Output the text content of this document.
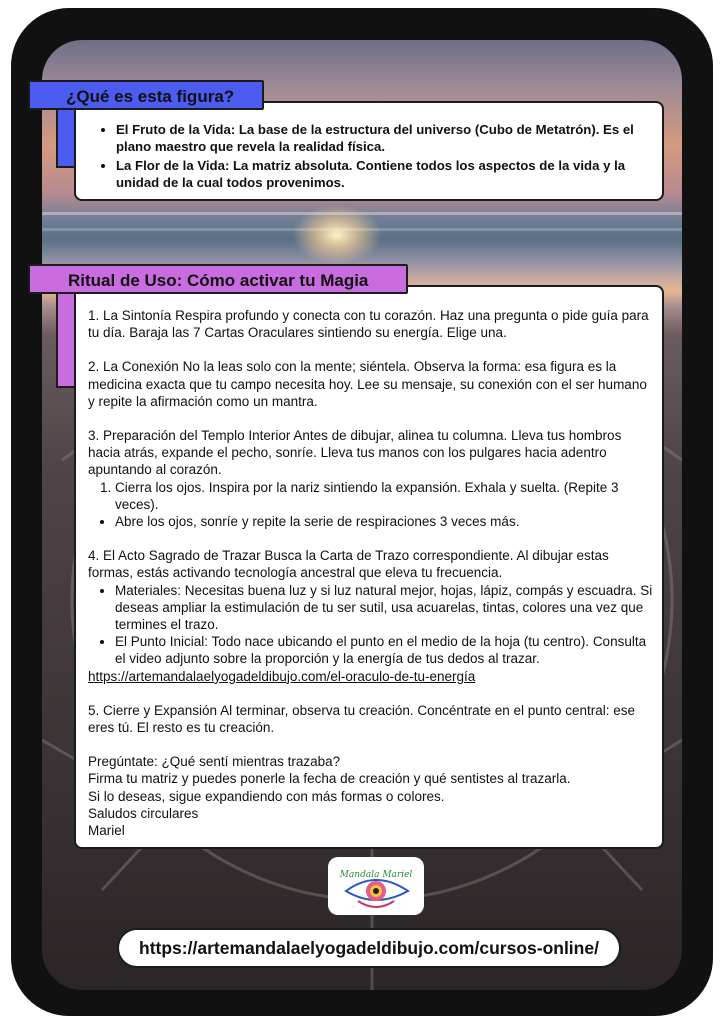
• El Fruto de la Vida: La base de la estructura del universo (Cubo de Metatrón). Es el plano maestro que revela la realidad física.
• La Flor de la Vida: La matriz absoluta. Contiene todos los aspectos de la vida y la unidad de la cual todos provenimos.
¿Qué es esta figura?

1. La Sintonía Respira profundo y conecta con tu corazón. Haz una pregunta o pide guía para tu día. Baraja las 7 Cartas Oraculares sintiendo su energía. Elige una.

2. La Conexión No la leas solo con la mente; siéntela. Observa la forma: esa figura es la medicina exacta que tu campo necesita hoy. Lee su mensaje, su conexión con el ser humano y repite la afirmación como un mantra.

3. Preparación del Templo Interior Antes de dibujar, alinea tu columna. Lleva tus hombros hacia atrás, expande el pecho, sonríe. Lleva tus manos con los pulgares hacia adentro apuntando al corazón.

1. Cierra los ojos. Inspira por la nariz sintiendo la expansión. Exhala y suelta. (Repite 3 veces).
• Abre los ojos, sonríe y repite la serie de respiraciones 3 veces más.

4. El Acto Sagrado de Trazar Busca la Carta de Trazo correspondiente. Al dibujar estas formas, estás activando tecnología ancestral que eleva tu frecuencia.

• Materiales: Necesitas buena luz y si luz natural mejor, hojas, lápiz, compás y escuadra. Si deseas ampliar la estimulación de tu ser sutil, usa acuarelas, tintas, colores una vez que termines el trazo.
• El Punto Inicial: Todo nace ubicando el punto en el medio de la hoja (tu centro). Consulta el video adjunto sobre la proporción y la energía de tus dedos al trazar.
https://artemandalaelyogadeldibujo.com/el-oraculo-de-tu-energía

5. Cierre y Expansión Al terminar, observa tu creación. Concéntrate en el punto central: ese eres tú. El resto es tu creación.

Pregúntate: ¿Qué sentí mientras trazaba?

Firma tu matriz y puedes ponerle la fecha de creación y qué sentistes al trazarla.

Si lo deseas, sigue expandiendo con más formas o colores.

Saludos circulares

Mariel

Ritual de Uso: Cómo activar tu Magia
Mandala Mariel
https://artemandalaelyogadeldibujo.com/cursos-online/
